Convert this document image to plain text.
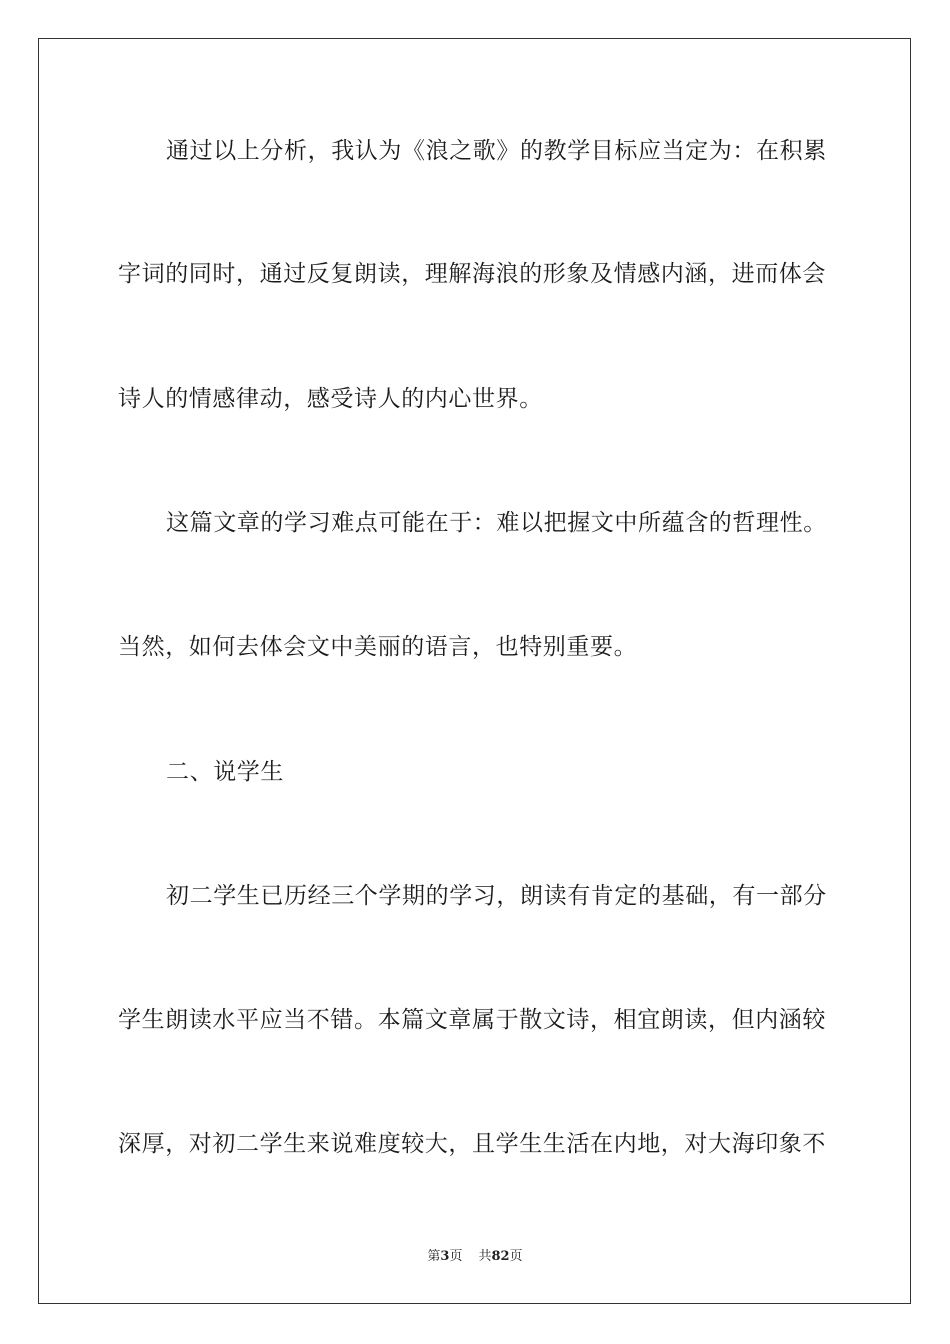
通过以上分析，我认为《浪之歌》的教学目标应当定为：在积累
字词的同时，通过反复朗读，理解海浪的形象及情感内涵，进而体会
诗人的情感律动，感受诗人的内心世界。
这篇文章的学习难点可能在于：难以把握文中所蕴含的哲理性。
当然，如何去体会文中美丽的语言，也特别重要。
二、说学生
初二学生已历经三个学期的学习，朗读有肯定的基础，有一部分
学生朗读水平应当不错。本篇文章属于散文诗，相宜朗读，但内涵较
深厚，对初二学生来说难度较大，且学生生活在内地，对大海印象不
第3页 共82页
